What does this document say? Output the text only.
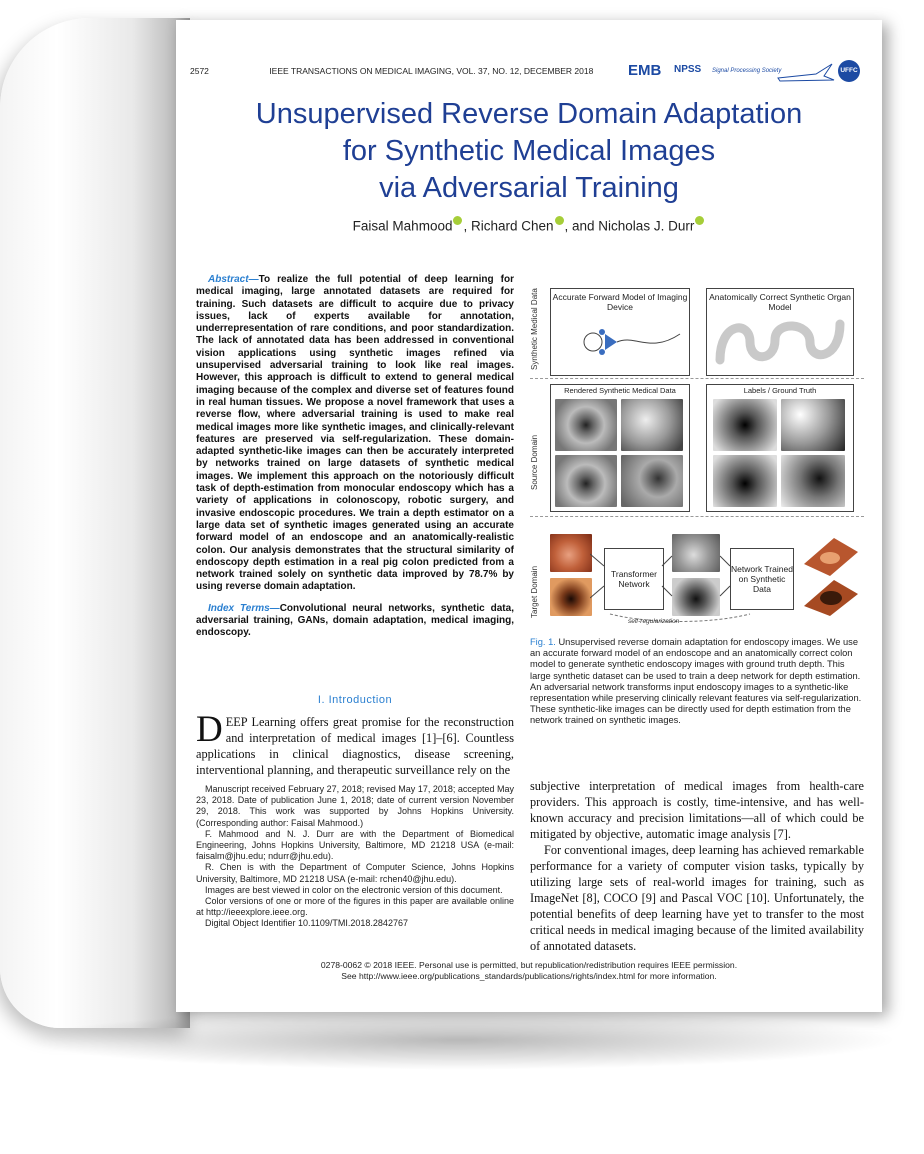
2572	IEEE TRANSACTIONS ON MEDICAL IMAGING, VOL. 37, NO. 12, DECEMBER 2018 EMB NPSS Signal Processing Society	UFFC
Unsupervised Reverse Domain Adaptation
for Synthetic Medical Images
via Adversarial Training
Faisal Mahmood , Richard Chen , and Nicholas J. Durr
Abstract—To realize the full potential of deep learning for medical imaging, large annotated datasets are required for training. Such datasets are difficult to acquire due to privacy issues, lack of experts available for annotation, underrepresentation of rare conditions, and poor standardization. The lack of annotated data has been addressed in conventional vision applications using synthetic images refined via unsupervised adversarial training to look like real images. However, this approach is difficult to extend to general medical imaging because of the complex and diverse set of features found in real human tissues. We propose a novel framework that uses a reverse flow, where adversarial training is used to make real medical images more like synthetic images, and clinically-relevant features are preserved via self-regularization. These domain-adapted synthetic-like images can then be accurately interpreted by networks trained on large datasets of synthetic medical images. We implement this approach on the notoriously difficult task of depth-estimation from monocular endoscopy which has a variety of applications in colonoscopy, robotic surgery, and invasive endoscopic procedures. We train a depth estimator on a large data set of synthetic images generated using an accurate forward model of an endoscope and an anatomically-realistic colon. Our analysis demonstrates that the structural similarity of endoscopy depth estimation in a real pig colon predicted from a network trained solely on synthetic data improved by 78.7% by using reverse domain adaptation.
Index Terms—Convolutional neural networks, synthetic data, adversarial training, GANs, domain adaptation, medical imaging, endoscopy.
I. Introduction
DEEP Learning offers great promise for the reconstruction and interpretation of medical images [1]–[6]. Countless applications in clinical diagnostics, disease screening, interventional planning, and therapeutic surveillance rely on the

Manuscript received February 27, 2018; revised May 17, 2018; accepted May 23, 2018. Date of publication June 1, 2018; date of current version November 29, 2018. This work was supported by Johns Hopkins University. (Corresponding author: Faisal Mahmood.)

F. Mahmood and N. J. Durr are with the Department of Biomedical Engineering, Johns Hopkins University, Baltimore, MD 21218 USA (e-mail: faisalm@jhu.edu; ndurr@jhu.edu).

R. Chen is with the Department of Computer Science, Johns Hopkins University, Baltimore, MD 21218 USA (e-mail: rchen40@jhu.edu).

Images are best viewed in color on the electronic version of this document.

Color versions of one or more of the figures in this paper are available online at http://ieeexplore.ieee.org.

Digital Object Identifier 10.1109/TMI.2018.2842767

Synthetic Medical Data
Source Domain
Target Domain
Accurate Forward Model of Imaging Device
Anatomically Correct Synthetic Organ Model
Rendered Synthetic Medical Data	Labels / Ground Truth
Transformer Network
Network Trained on Synthetic Data
self-regularization
Fig. 1. Unsupervised reverse domain adaptation for endoscopy images. We use an accurate forward model of an endoscope and an anatomically correct colon model to generate synthetic endoscopy images with ground truth depth. This large synthetic dataset can be used to train a deep network for depth estimation. An adversarial network transforms input endoscopy images to a synthetic-like representation while preserving clinically relevant features via self-regularization. These synthetic-like images can be directly used for depth estimation from the network trained on synthetic images.

subjective interpretation of medical images from health-care providers. This approach is costly, time-intensive, and has well-known accuracy and precision limitations—all of which could be mitigated by objective, automatic image analysis [7].

For conventional images, deep learning has achieved remarkable performance for a variety of computer vision tasks, typically by utilizing large sets of real-world images for training, such as ImageNet [8], COCO [9] and Pascal VOC [10]. Unfortunately, the potential benefits of deep learning have yet to transfer to the most critical needs in medical imaging because of the limited availability of annotated datasets.

0278-0062 © 2018 IEEE. Personal use is permitted, but republication/redistribution requires IEEE permission.
See http://www.ieee.org/publications_standards/publications/rights/index.html for more information.
